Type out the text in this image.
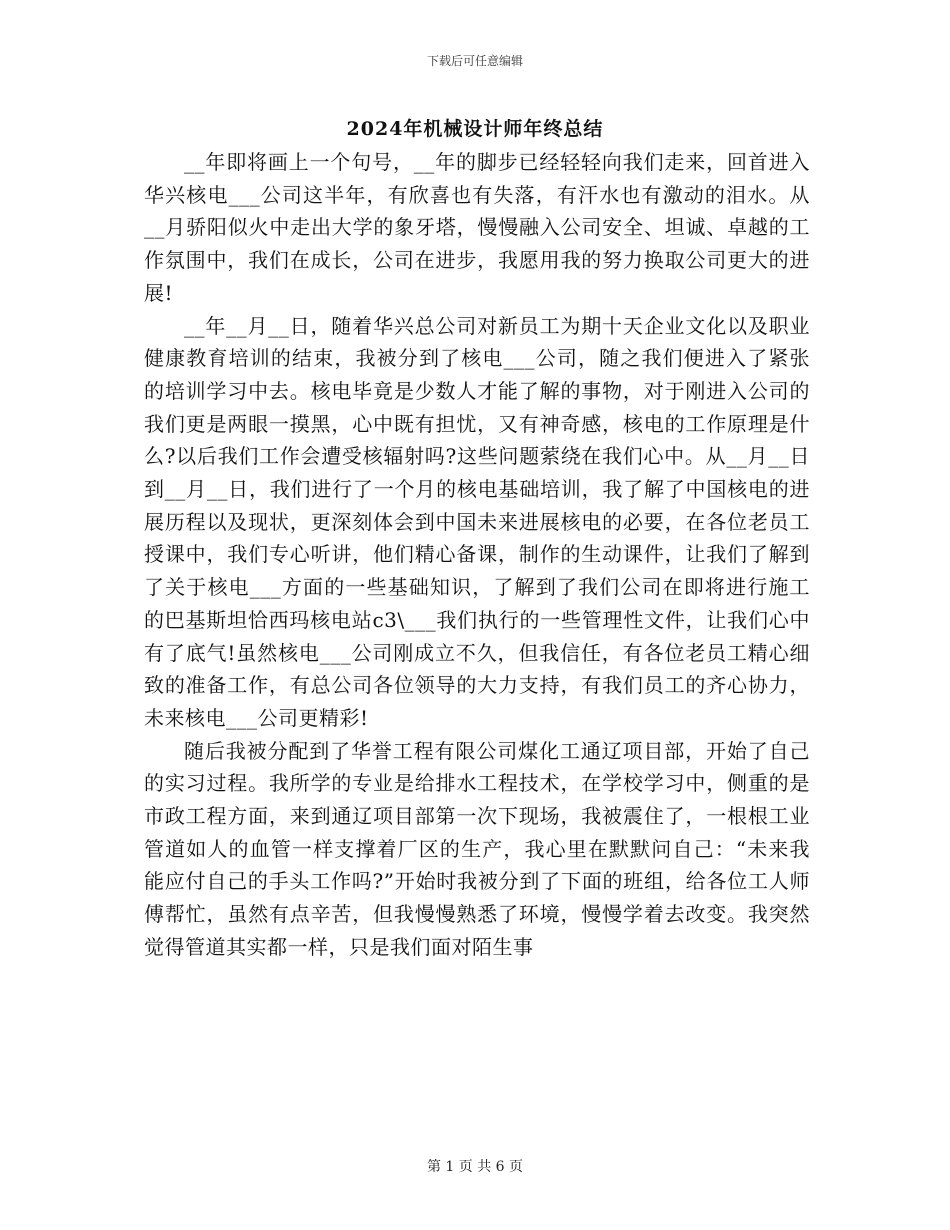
下载后可任意编辑
2024年机械设计师年终总结

__年即将画上一个句号，__年的脚步已经轻轻向我们走来，回首进入华兴核电___公司这半年，有欣喜也有失落，有汗水也有激动的泪水。从__月骄阳似火中走出大学的象牙塔，慢慢融入公司安全、坦诚、卓越的工作氛围中，我们在成长，公司在进步，我愿用我的努力换取公司更大的进展!

__年__月__日，随着华兴总公司对新员工为期十天企业文化以及职业健康教育培训的结束，我被分到了核电___公司，随之我们便进入了紧张的培训学习中去。核电毕竟是少数人才能了解的事物，对于刚进入公司的我们更是两眼一摸黑，心中既有担忧，又有神奇感，核电的工作原理是什么?以后我们工作会遭受核辐射吗?这些问题萦绕在我们心中。从__月__日到__月__日，我们进行了一个月的核电基础培训，我了解了中国核电的进展历程以及现状，更深刻体会到中国未来进展核电的必要，在各位老员工授课中，我们专心听讲，他们精心备课，制作的生动课件，让我们了解到了关于核电___方面的一些基础知识，了解到了我们公司在即将进行施工的巴基斯坦恰西玛核电站c3\___我们执行的一些管理性文件，让我们心中有了底气!虽然核电___公司刚成立不久，但我信任，有各位老员工精心细致的准备工作，有总公司各位领导的大力支持，有我们员工的齐心协力，未来核电___公司更精彩!

随后我被分配到了华誉工程有限公司煤化工通辽项目部，开始了自己的实习过程。我所学的专业是给排水工程技术，在学校学习中，侧重的是市政工程方面，来到通辽项目部第一次下现场，我被震住了，一根根工业管道如人的血管一样支撑着厂区的生产，我心里在默默问自己：“未来我能应付自己的手头工作吗?”开始时我被分到了下面的班组，给各位工人师傅帮忙，虽然有点辛苦，但我慢慢熟悉了环境，慢慢学着去改变。我突然觉得管道其实都一样，只是我们面对陌生事

第 1 页 共 6 页
